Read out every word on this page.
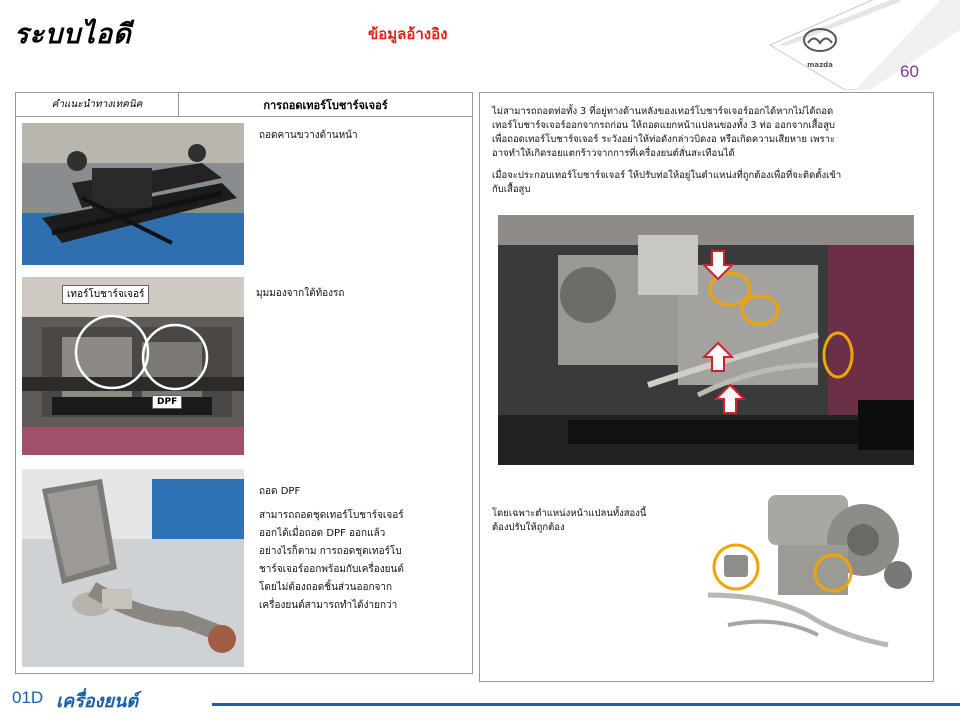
ระบบไอดี	ข้อมูลอ้างอิง
mazda	60
คำแนะนำทางเทคนิค	การถอดเทอร์โบชาร์จเจอร์
ถอดคานขวางด้านหน้า
เทอร์โบชาร์จเจอร์
DPF
มุมมองจากใต้ท้องรถ
ถอด DPF
สามารถถอดชุดเทอร์โบชาร์จเจอร์
ออกได้เมื่อถอด DPF ออกแล้ว
อย่างไรก็ตาม การถอดชุดเทอร์โบ
ชาร์จเจอร์ออกพร้อมกับเครื่องยนต์
โดยไม่ต้องถอดชิ้นส่วนออกจาก
เครื่องยนต์สามารถทำได้ง่ายกว่า
ไม่สามารถถอดท่อทั้ง 3 ที่อยู่ทางด้านหลังของเทอร์โบชาร์จเจอร์ออกได้หากไม่ได้ถอด
เทอร์โบชาร์จเจอร์ออกจากรถก่อน ให้ถอดแยกหน้าแปลนของทั้ง 3 ท่อ ออกจากเสื้อสูบ
เพื่อถอดเทอร์โบชาร์จเจอร์ ระวังอย่าให้ท่อดังกล่าวบิดงอ หรือเกิดความเสียหาย เพราะ
อาจทำให้เกิดรอยแตกร้าวจากการที่เครื่องยนต์สั่นสะเทือนได้
เมื่อจะประกอบเทอร์โบชาร์จเจอร์ ให้ปรับท่อให้อยู่ในตำแหน่งที่ถูกต้องเพื่อที่จะติดตั้งเข้า
กับเสื้อสูบ
โดยเฉพาะตำแหน่งหน้าแปลนทั้งสองนี้
ต้องปรับให้ถูกต้อง
01D เครื่องยนต์
